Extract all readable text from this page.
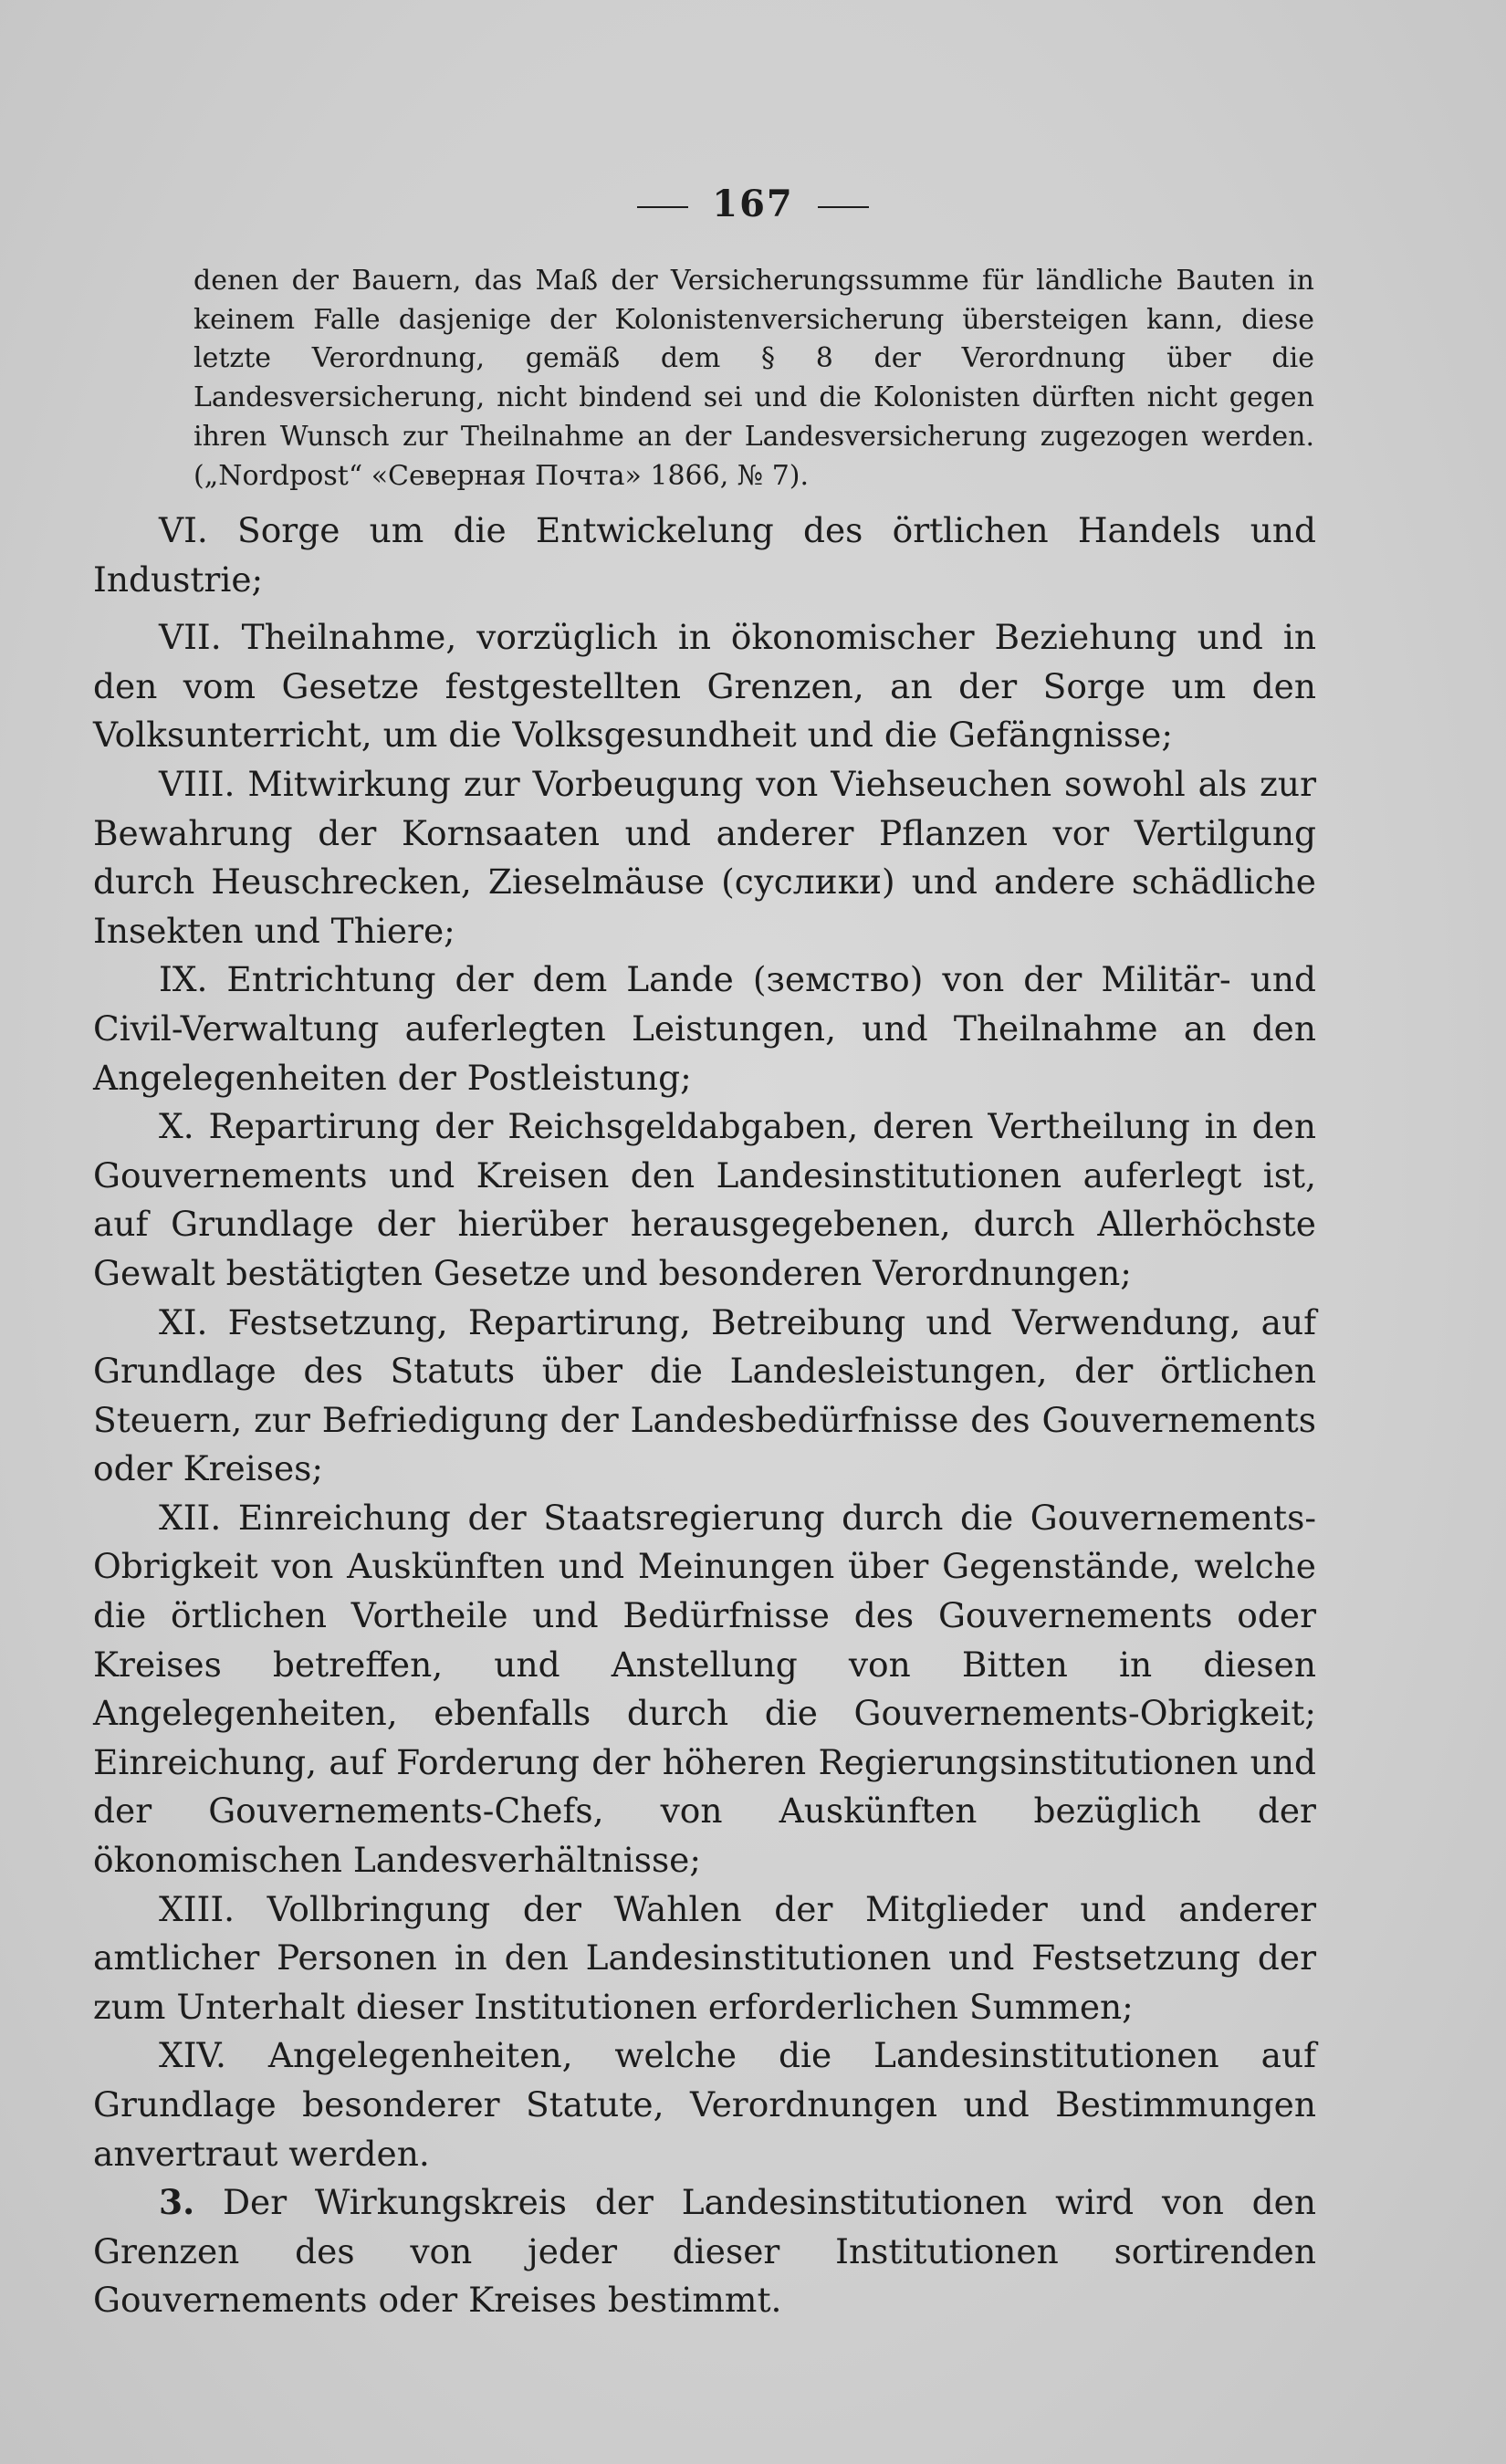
167
denen der Bauern, das Maß der Versicherungssumme für ländliche Bauten in keinem Falle dasjenige der Kolonistenversicherung übersteigen kann, diese letzte Verordnung, gemäß dem § 8 der Verordnung über die Landesversicherung, nicht bindend sei und die Kolonisten dürften nicht gegen ihren Wunsch zur Theilnahme an der Landesversicherung zugezogen werden. („Nordpost“ «Северная Почта» 1866, № 7).

VI. Sorge um die Entwickelung des örtlichen Handels und Industrie;

VII. Theilnahme, vorzüglich in ökonomischer Beziehung und in den vom Gesetze festgestellten Grenzen, an der Sorge um den Volksunterricht, um die Volksgesundheit und die Gefängnisse;

VIII. Mitwirkung zur Vorbeugung von Viehseuchen sowohl als zur Bewahrung der Kornsaaten und anderer Pflanzen vor Vertilgung durch Heuschrecken, Zieselmäuse (суслики) und andere schädliche Insekten und Thiere;

IX. Entrichtung der dem Lande (земство) von der Militär- und Civil-Verwaltung auferlegten Leistungen, und Theilnahme an den Angelegenheiten der Postleistung;

X. Repartirung der Reichsgeldabgaben, deren Vertheilung in den Gouvernements und Kreisen den Landesinstitutionen auferlegt ist, auf Grundlage der hierüber herausgegebenen, durch Allerhöchste Gewalt bestätigten Gesetze und besonderen Verordnungen;

XI. Festsetzung, Repartirung, Betreibung und Verwendung, auf Grundlage des Statuts über die Landesleistungen, der örtlichen Steuern, zur Befriedigung der Landesbedürfnisse des Gouvernements oder Kreises;

XII. Einreichung der Staatsregierung durch die Gouvernements-Obrigkeit von Auskünften und Meinungen über Gegenstände, welche die örtlichen Vortheile und Bedürfnisse des Gouvernements oder Kreises betreffen, und Anstellung von Bitten in diesen Angelegenheiten, ebenfalls durch die Gouvernements-Obrigkeit; Einreichung, auf Forderung der höheren Regierungsinstitutionen und der Gouvernements-Chefs, von Auskünften bezüglich der ökonomischen Landesverhältnisse;

XIII. Vollbringung der Wahlen der Mitglieder und anderer amtlicher Personen in den Landesinstitutionen und Festsetzung der zum Unterhalt dieser Institutionen erforderlichen Summen;

XIV. Angelegenheiten, welche die Landesinstitutionen auf Grundlage besonderer Statute, Verordnungen und Bestimmungen anvertraut werden.

3. Der Wirkungskreis der Landesinstitutionen wird von den Grenzen des von jeder dieser Institutionen sortirenden Gouvernements oder Kreises bestimmt.
